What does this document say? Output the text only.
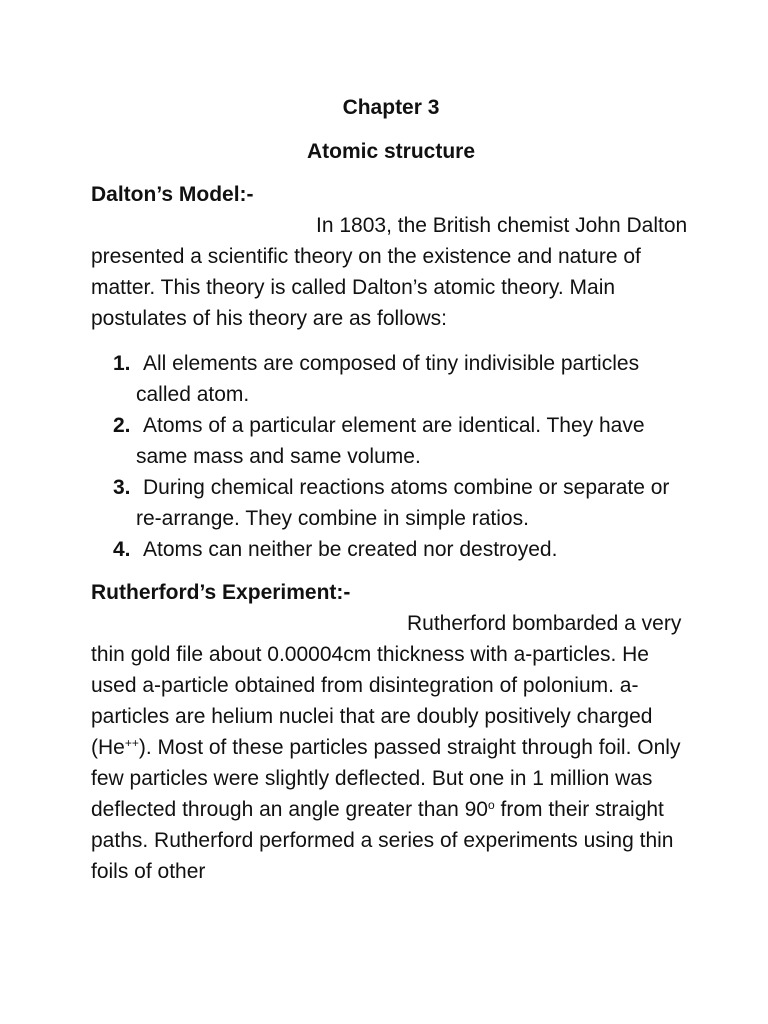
Chapter 3

Atomic structure

Dalton’s Model:-

In 1803, the British chemist John Dalton presented a scientific theory on the existence and nature of matter. This theory is called Dalton’s atomic theory. Main postulates of his theory are as follows:

1. All elements are composed of tiny indivisible particles called atom.
2. Atoms of a particular element are identical. They have same mass and same volume.
3. During chemical reactions atoms combine or separate or re-arrange. They combine in simple ratios.
4. Atoms can neither be created nor destroyed.

Rutherford’s Experiment:-

Rutherford bombarded a very thin gold file about 0.00004cm thickness with a-particles. He used a-particle obtained from disintegration of polonium. a-particles are helium nuclei that are doubly positively charged (He++). Most of these particles passed straight through foil. Only few particles were slightly deflected. But one in 1 million was deflected through an angle greater than 90$^o$ from their straight paths. Rutherford performed a series of experiments using thin foils of other
